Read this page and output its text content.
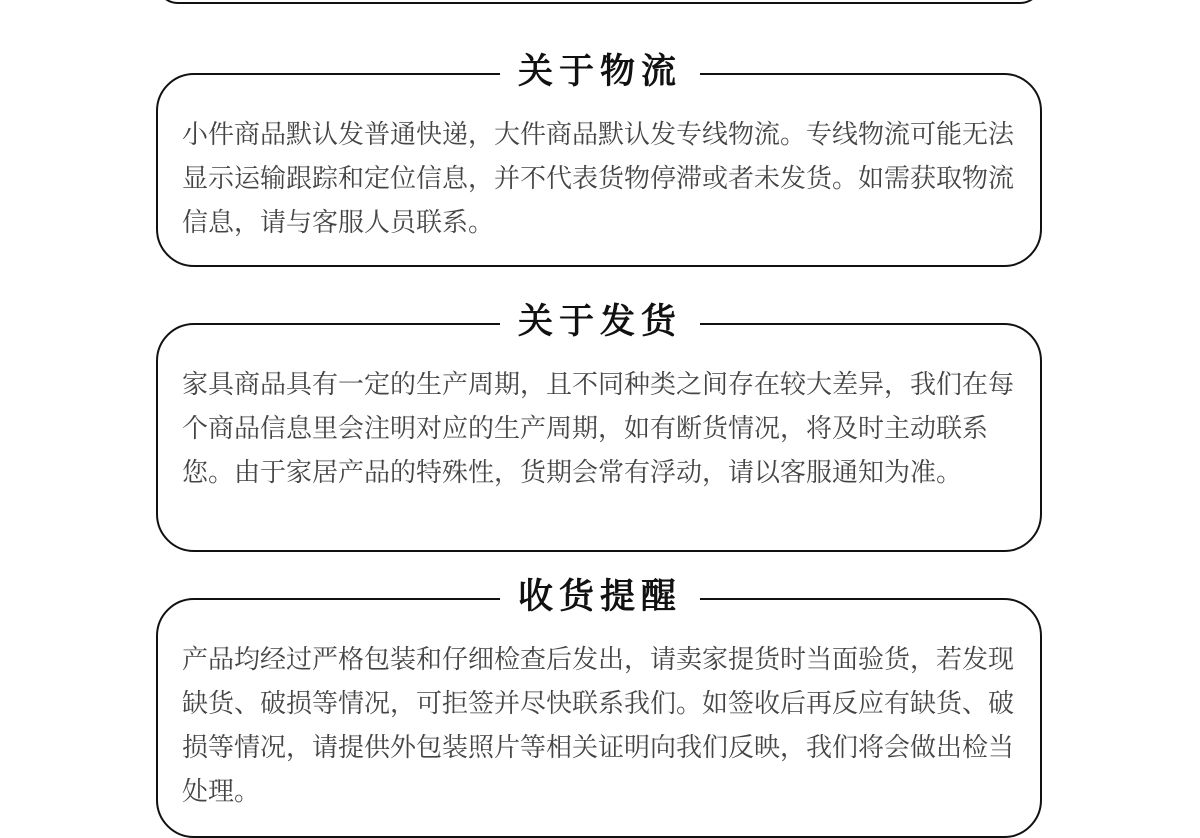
关于物流

小件商品默认发普通快递，大件商品默认发专线物流。专线物流可能无法显示运输跟踪和定位信息，并不代表货物停滞或者未发货。如需获取物流信息，请与客服人员联系。

关于发货

家具商品具有一定的生产周期，且不同种类之间存在较大差异，我们在每个商品信息里会注明对应的生产周期，如有断货情况，将及时主动联系您。由于家居产品的特殊性，货期会常有浮动，请以客服通知为准。

收货提醒

产品均经过严格包装和仔细检查后发出，请卖家提货时当面验货，若发现缺货、破损等情况，可拒签并尽快联系我们。如签收后再反应有缺货、破损等情况，请提供外包装照片等相关证明向我们反映，我们将会做出检当处理。
